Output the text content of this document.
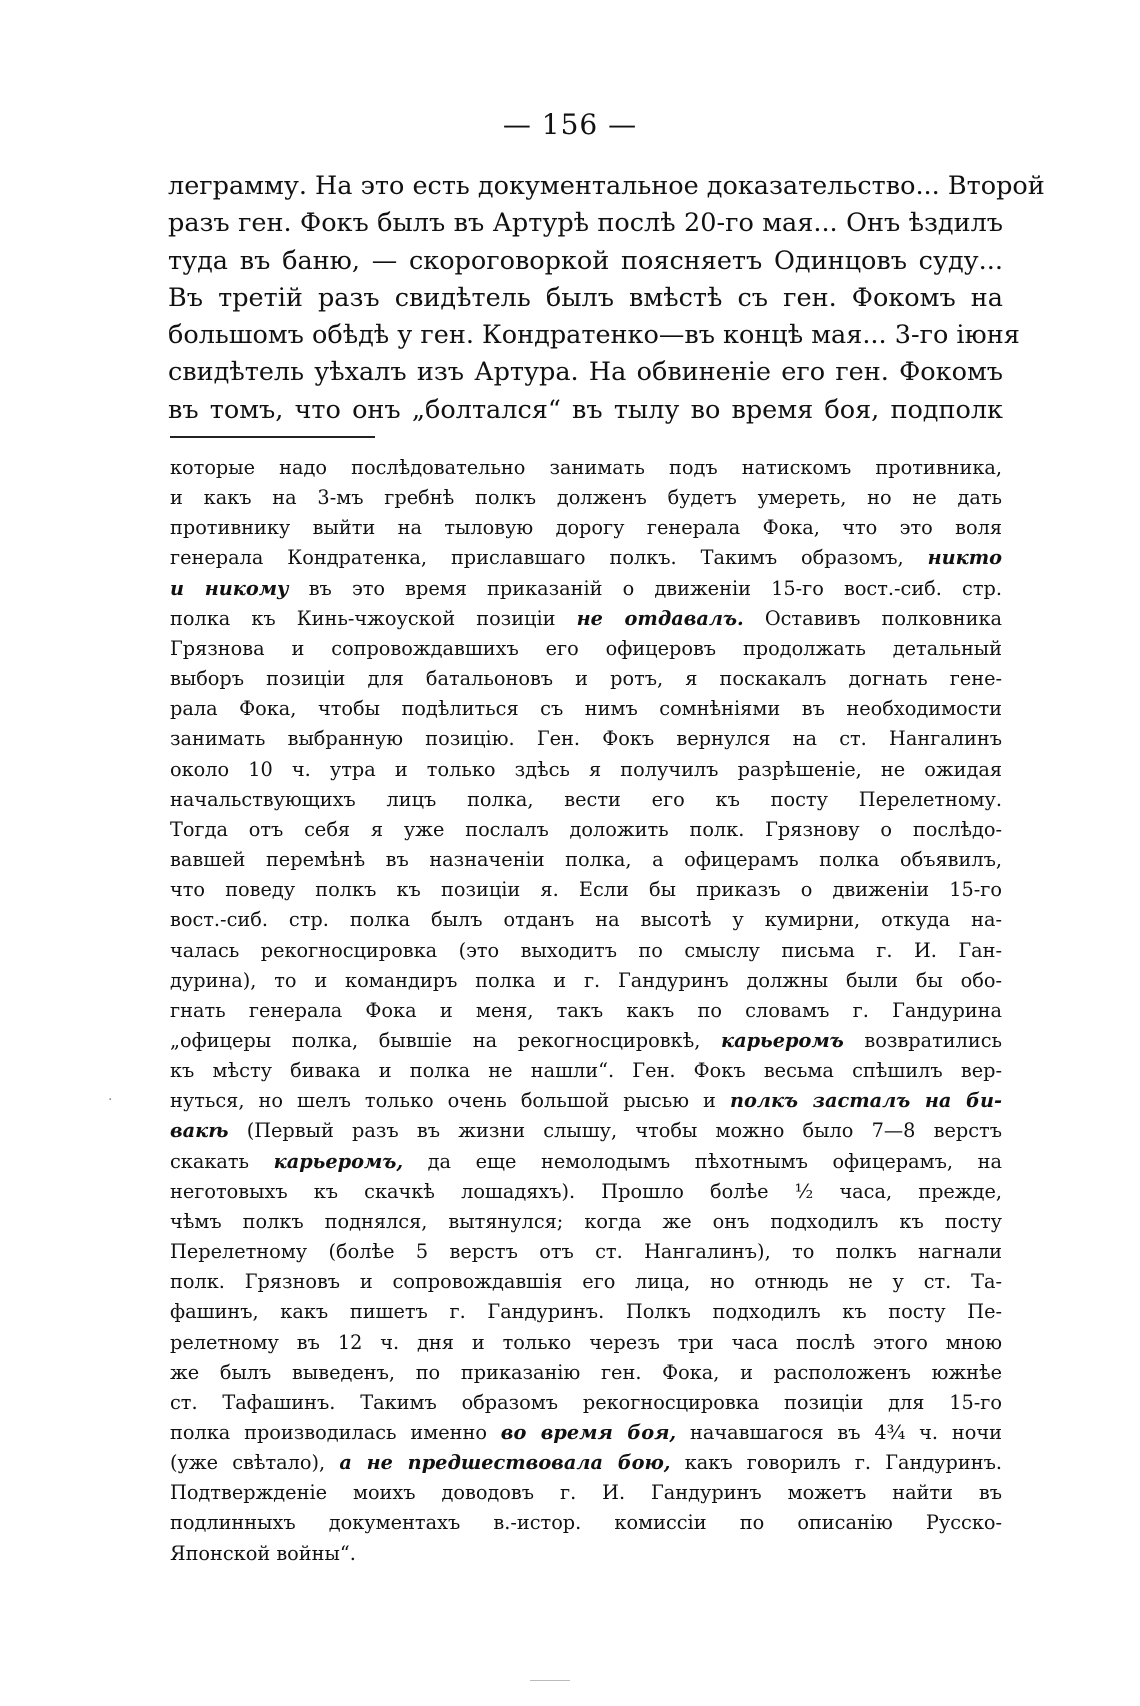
— 156 —
леграмму. На это есть документальное доказательство... Второй
разъ ген. Фокъ былъ въ Артурѣ послѣ 20-го мая... Онъ ѣздилъ
туда въ баню, — скороговоркой поясняетъ Одинцовъ суду...
Въ третій разъ свидѣтель былъ вмѣстѣ съ ген. Фокомъ на
большомъ обѣдѣ у ген. Кондратенко—въ концѣ мая... 3-го іюня
свидѣтель уѣхалъ изъ Артура. На обвиненіе его ген. Фокомъ
въ томъ, что онъ „болтался“ въ тылу во время боя, подполк
которые надо послѣдовательно занимать подъ натискомъ противника,
и какъ на 3-мъ гребнѣ полкъ долженъ будетъ умереть, но не дать
противнику выйти на тыловую дорогу генерала Фока, что это воля
генерала Кондратенка, приславшаго полкъ. Такимъ образомъ, никто
и никому въ это время приказаній о движеніи 15-го вост.-сиб. стр.
полка къ Кинь-чжоуской позиціи не отдавалъ. Оставивъ полковника
Грязнова и сопровождавшихъ его офицеровъ продолжать детальный
выборъ позиціи для батальоновъ и ротъ, я поскакалъ догнать гене-
рала Фока, чтобы подѣлиться съ нимъ сомнѣніями въ необходимости
занимать выбранную позицію. Ген. Фокъ вернулся на ст. Нангалинъ
около 10 ч. утра и только здѣсь я получилъ разрѣшеніе, не ожидая
начальствующихъ лицъ полка, вести его къ посту Перелетному.
Тогда отъ себя я уже послалъ доложить полк. Грязнову о послѣдо-
вавшей перемѣнѣ въ назначеніи полка, а офицерамъ полка объявилъ,
что поведу полкъ къ позиціи я. Если бы приказъ о движеніи 15-го
вост.-сиб. стр. полка былъ отданъ на высотѣ у кумирни, откуда на-
чалась рекогносцировка (это выходитъ по смыслу письма г. И. Ган-
дурина), то и командиръ полка и г. Гандуринъ должны были бы обо-
гнать генерала Фока и меня, такъ какъ по словамъ г. Гандурина
„офицеры полка, бывшіе на рекогносцировкѣ, карьеромъ возвратились
къ мѣсту бивака и полка не нашли“. Ген. Фокъ весьма спѣшилъ вер-
нуться, но шелъ только очень большой рысью и полкъ засталъ на би-
вакѣ (Первый разъ въ жизни слышу, чтобы можно было 7—8 верстъ
скакать карьеромъ, да еще немолодымъ пѣхотнымъ офицерамъ, на
неготовыхъ къ скачкѣ лошадяхъ). Прошло болѣе ½ часа, прежде,
чѣмъ полкъ поднялся, вытянулся; когда же онъ подходилъ къ посту
Перелетному (болѣе 5 верстъ отъ ст. Нангалинъ), то полкъ нагнали
полк. Грязновъ и сопровождавшія его лица, но отнюдь не у ст. Та-
фашинъ, какъ пишетъ г. Гандуринъ. Полкъ подходилъ къ посту Пе-
релетному въ 12 ч. дня и только черезъ три часа послѣ этого мною
же былъ выведенъ, по приказанію ген. Фока, и расположенъ южнѣе
ст. Тафашинъ. Такимъ образомъ рекогносцировка позиціи для 15-го
полка производилась именно во время боя, начавшагося въ 4¾ ч. ночи
(уже свѣтало), а не предшествовала бою, какъ говорилъ г. Гандуринъ.
Подтвержденіе моихъ доводовъ г. И. Гандуринъ можетъ найти въ
подлинныхъ документахъ в.-истор. комиссіи по описанію Русско-
Японской войны“.
·
